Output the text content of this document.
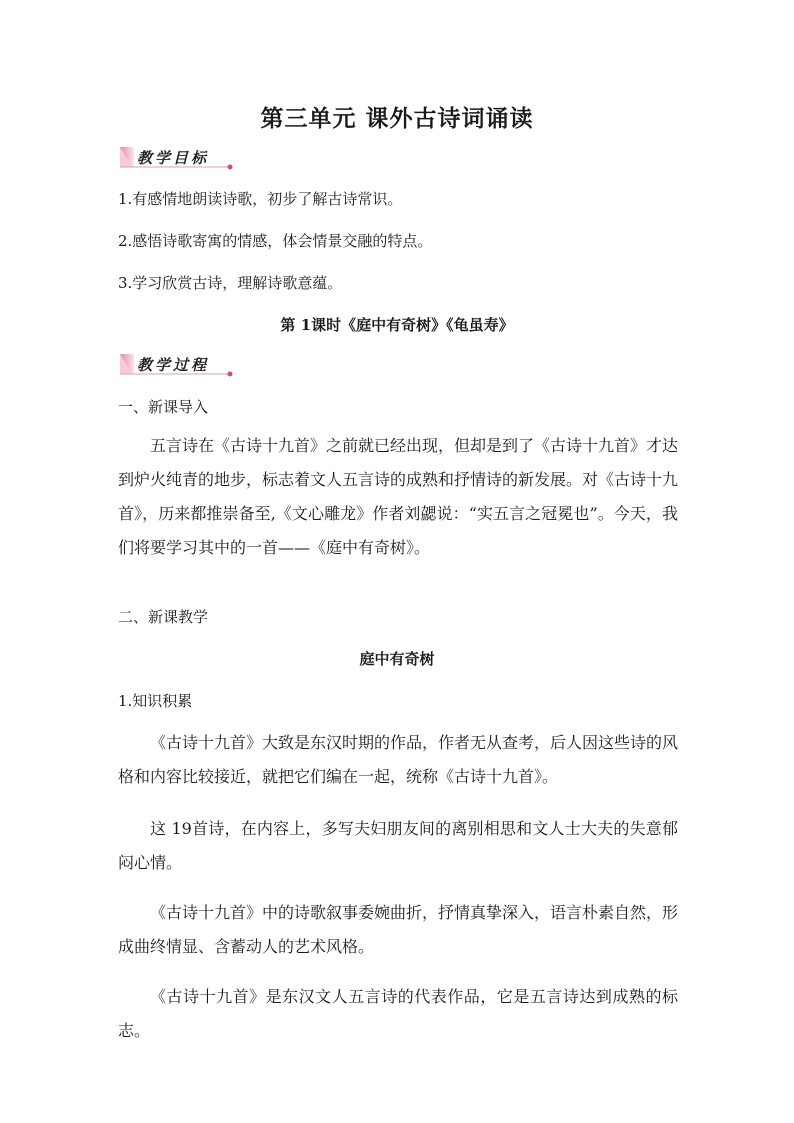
第三单元 课外古诗词诵读
教学目标
1.有感情地朗读诗歌，初步了解古诗常识。
2.感悟诗歌寄寓的情感，体会情景交融的特点。
3.学习欣赏古诗，理解诗歌意蕴。
第 1课时《庭中有奇树》《龟虽寿》
教学过程
一、新课导入
五言诗在《古诗十九首》之前就已经出现，但却是到了《古诗十九首》才达到炉火纯青的地步，标志着文人五言诗的成熟和抒情诗的新发展。对《古诗十九首》，历来都推崇备至,《文心雕龙》作者刘勰说：“实五言之冠冕也”。今天，我们将要学习其中的一首——《庭中有奇树》。
二、新课教学
庭中有奇树
1.知识积累
《古诗十九首》大致是东汉时期的作品，作者无从查考，后人因这些诗的风格和内容比较接近，就把它们编在一起，统称《古诗十九首》。
这 19首诗，在内容上，多写夫妇朋友间的离别相思和文人士大夫的失意郁闷心情。
《古诗十九首》中的诗歌叙事委婉曲折，抒情真挚深入，语言朴素自然，形成曲终情显、含蓄动人的艺术风格。
《古诗十九首》是东汉文人五言诗的代表作品，它是五言诗达到成熟的标志。
